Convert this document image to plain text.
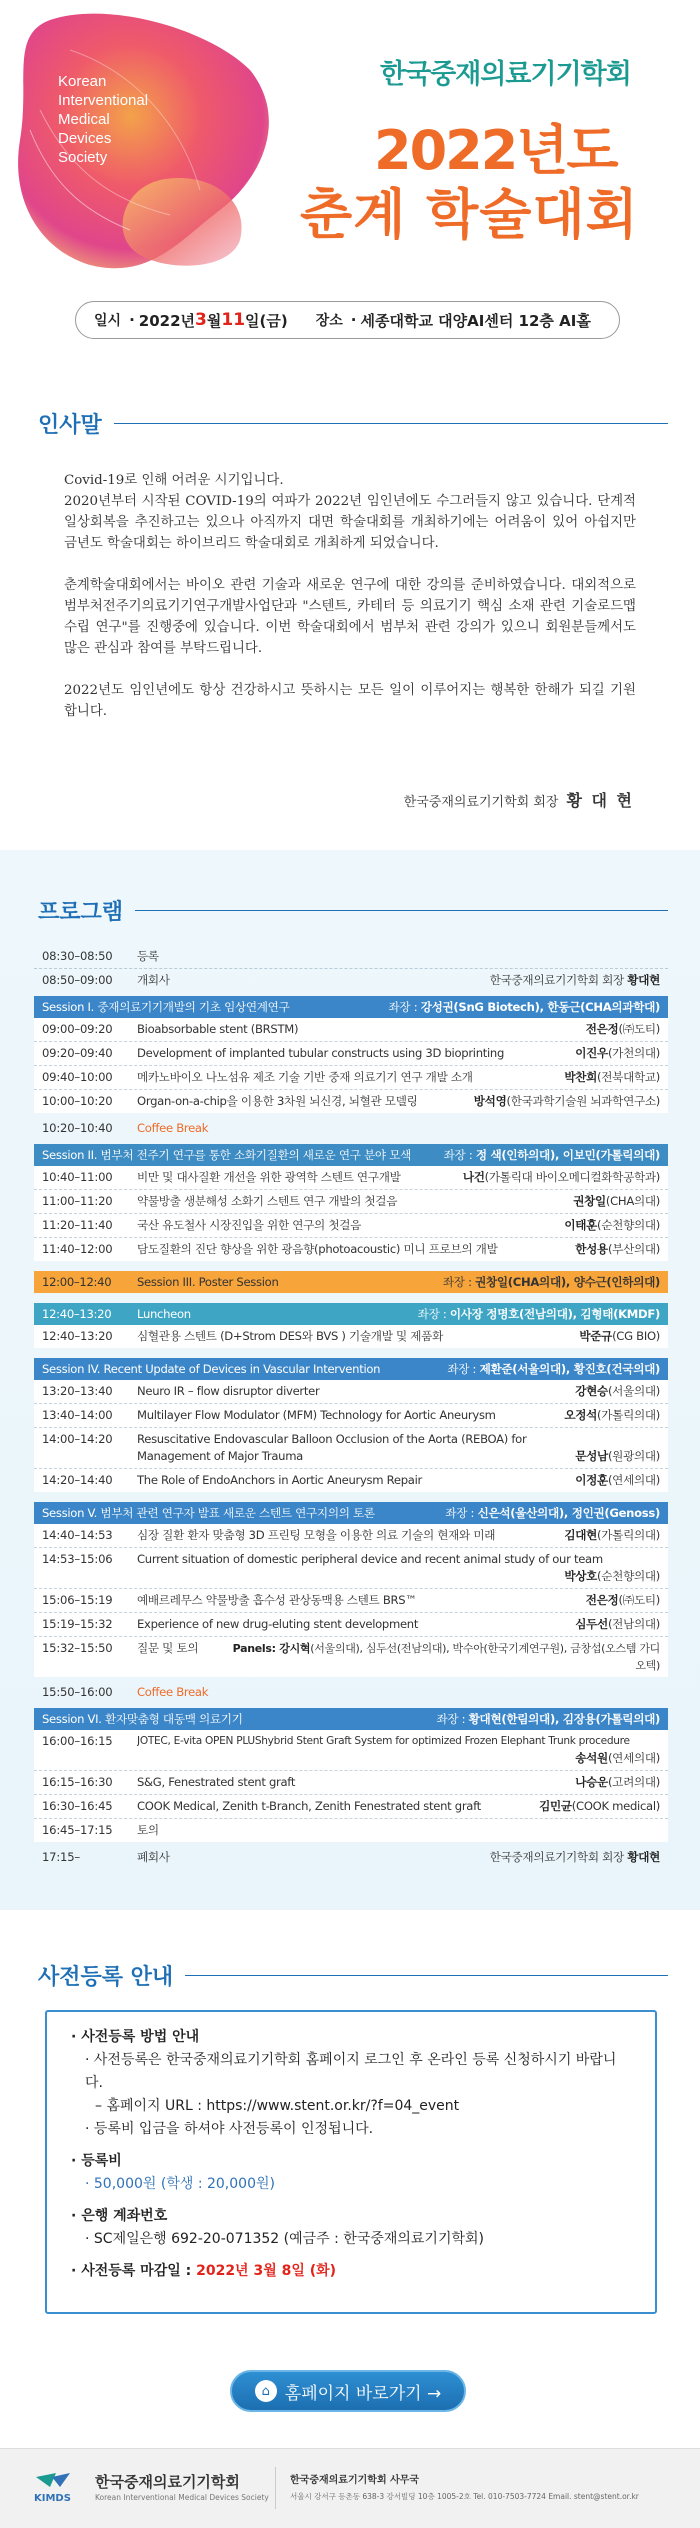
Korean
Interventional
Medical
Devices
Society
한국중재의료기기학회
2022년도
춘계 학술대회
일시 · 2022년 3 월 11 일(금) 장소 · 세종대학교 대양AI센터 12층 AI홀
인사말

Covid-19로 인해 어려운 시기입니다.
2020년부터 시작된 COVID-19의 여파가 2022년 임인년에도 수그러들지 않고 있습니다. 단계적 일상회복을 추진하고는 있으나 아직까지 대면 학술대회를 개최하기에는 어려움이 있어 아쉽지만 금년도 학술대회는 하이브리드 학술대회로 개최하게 되었습니다.

춘계학술대회에서는 바이오 관련 기술과 새로운 연구에 대한 강의를 준비하였습니다. 대외적으로 범부처전주기의료기기연구개발사업단과 "스텐트, 카테터 등 의료기기 핵심 소재 관련 기술로드맵 수립 연구"를 진행중에 있습니다. 이번 학술대회에서 범부처 관련 강의가 있으니 회원분들께서도 많은 관심과 참여를 부탁드립니다.

2022년도 임인년에도 항상 건강하시고 뜻하시는 모든 일이 이루어지는 행복한 한해가 되길 기원합니다.

한국중재의료기기학회 회장 황 대 현
프로그램
08:30–08:50	등록
08:50–09:00	개회사	한국중재의료기기학회 회장 황대현
Session I. 중재의료기기개발의 기초 임상연계연구	좌장 : 강성권(SnG Biotech), 한동근(CHA의과학대)
09:00–09:20	Bioabsorbable stent (BRSTM)	전은정(㈜도티)
09:20–09:40	Development of implanted tubular constructs using 3D bioprinting	이진우(가천의대)
09:40–10:00	메카노바이오 나노섬유 제조 기술 기반 중재 의료기기 연구 개발 소개	박찬희(전북대학교)
10:00–10:20	Organ-on-a-chip을 이용한 3차원 뇌신경, 뇌혈관 모델링	방석영(한국과학기술원 뇌과학연구소)
10:20–10:40	Coffee Break
Session II. 범부처 전주기 연구를 통한 소화기질환의 새로운 연구 분야 모색	좌장 : 정 색(인하의대), 이보민(가톨릭의대)
10:40–11:00	비만 및 대사질환 개선을 위한 광역학 스텐트 연구개발	나건(가톨릭대 바이오메디컬화학공학과)
11:00–11:20	약물방출 생분해성 소화기 스텐트 연구 개발의 첫걸음	권창일(CHA의대)
11:20–11:40	국산 유도철사 시장진입을 위한 연구의 첫걸음	이태훈(순천향의대)
11:40–12:00	담도질환의 진단 향상을 위한 광음향(photoacoustic) 미니 프로브의 개발	한성용(부산의대)
12:00–12:40	Session III. Poster Session	좌장 : 권창일(CHA의대), 양수근(인하의대)
12:40–13:20	Luncheon	좌장 : 이사장 정명호(전남의대), 김형태(KMDF)
12:40–13:20	심혈관용 스텐트 (D+Strom DES와 BVS ) 기술개발 및 제품화	박준규(CG BIO)
Session IV. Recent Update of Devices in Vascular Intervention	좌장 : 제환준(서울의대), 황진호(건국의대)
13:20–13:40	Neuro IR – flow disruptor diverter	강현승(서울의대)
13:40–14:00	Multilayer Flow Modulator (MFM) Technology for Aortic Aneurysm	오정석(가톨릭의대)
14:00–14:20	Resuscitative Endovascular Balloon Occlusion of the Aorta (REBOA) for Management of Major Trauma	문성남(원광의대)
14:20–14:40	The Role of EndoAnchors in Aortic Aneurysm Repair	이정훈(연세의대)
Session V. 범부처 관련 연구자 발표 새로운 스텐트 연구지의의 토론	좌장 : 신은석(울산의대), 정인권(Genoss)
14:40–14:53	심장 질환 환자 맞춤형 3D 프린팅 모형을 이용한 의료 기술의 현재와 미래	김대현(가톨릭의대)
14:53–15:06	Current situation of domestic peripheral device and recent animal study of our team
박상호(순천향의대)
15:06–15:19	예배르레무스 약물방출 흡수성 관상동맥용 스텐트 BRS™	전은정(㈜도티)
15:19–15:32	Experience of new drug-eluting stent development	심두선(전남의대)
15:32–15:50	질문 및 토의	Panels: 강시혁(서울의대), 심두선(전남의대), 박수아(한국기계연구원), 금창섭(오스템 가디오텍)
15:50–16:00	Coffee Break
Session VI. 환자맞춤형 대동맥 의료기기	좌장 : 황대현(한림의대), 김장용(가톨릭의대)
16:00–16:15	JOTEC, E-vita OPEN PLUShybrid Stent Graft System for optimized Frozen Elephant Trunk procedure
송석원(연세의대)
16:15–16:30	S&G, Fenestrated stent graft	나승운(고려의대)
16:30–16:45	COOK Medical, Zenith t-Branch, Zenith Fenestrated stent graft	김민균(COOK medical)
16:45–17:15	토의
17:15–	폐회사	한국중재의료기기학회 회장 황대현
사전등록 안내
· 사전등록 방법 안내
· 사전등록은 한국중재의료기기학회 홈페이지 로그인 후 온라인 등록 신청하시기 바랍니다.
– 홈페이지 URL : https://www.stent.or.kr/?f=04_event
· 등록비 입금을 하셔야 사전등록이 인정됩니다.
· 등록비
· 50,000원 (학생 : 20,000원)
· 은행 계좌번호
· SC제일은행 692-20-071352 (예금주 : 한국중재의료기기학회)
· 사전등록 마감일 : 2022년 3월 8일 (화)
⌂ 홈페이지 바로가기 →
KIMDS
한국중재의료기기학회
Korean Interventional Medical Devices Society
한국중재의료기기학회 사무국
서울시 강서구 등촌동 638-3 강서빌딩 10층 1005-2호 Tel. 010-7503-7724 Email. stent@stent.or.kr
